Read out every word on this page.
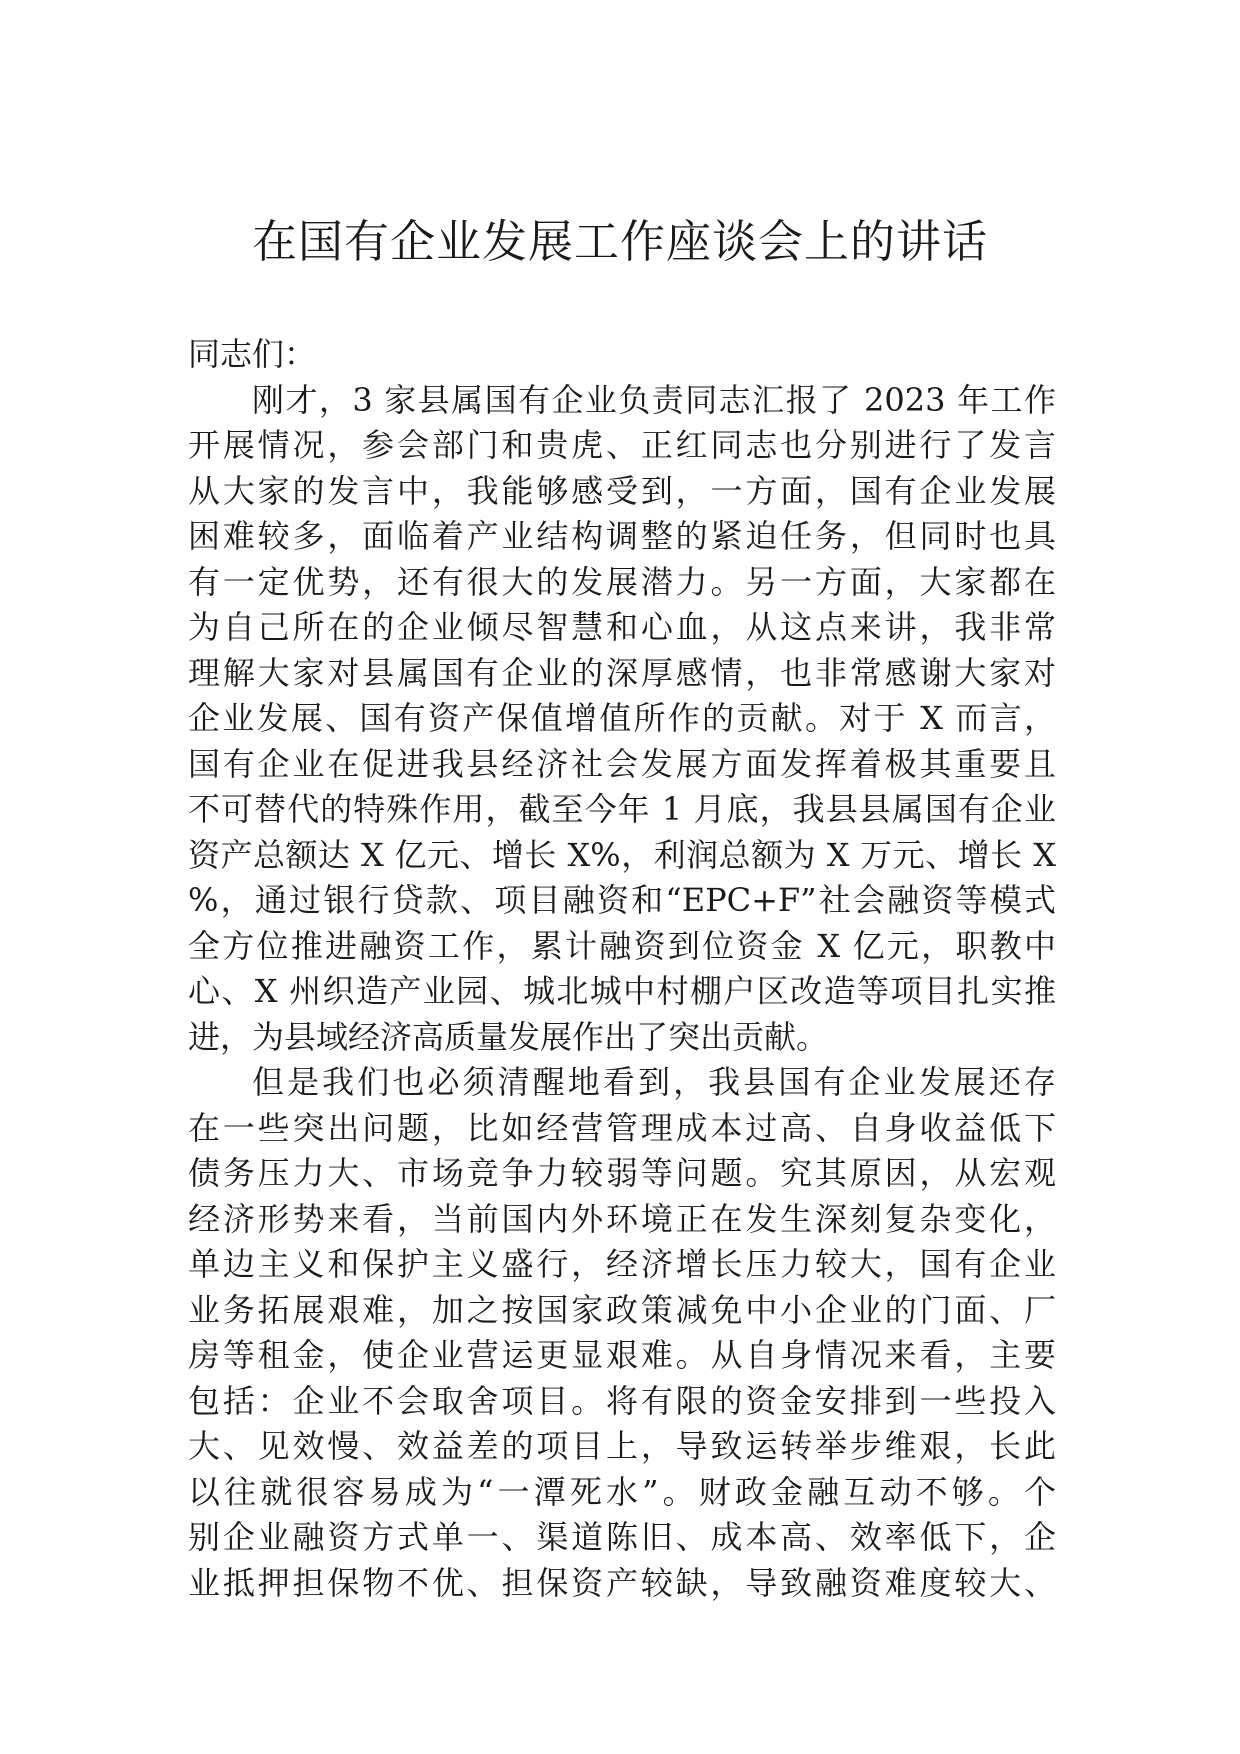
在国有企业发展工作座谈会上的讲话

同志们：

刚才，3 家县属国有企业负责同志汇报了 2023 年工作
开展情况，参会部门和贵虎、正红同志也分别进行了发言
从大家的发言中，我能够感受到，一方面，国有企业发展
困难较多，面临着产业结构调整的紧迫任务，但同时也具
有一定优势，还有很大的发展潜力。另一方面，大家都在
为自己所在的企业倾尽智慧和心血，从这点来讲，我非常
理解大家对县属国有企业的深厚感情，也非常感谢大家对
企业发展、国有资产保值增值所作的贡献。对于 X 而言，
国有企业在促进我县经济社会发展方面发挥着极其重要且
不可替代的特殊作用，截至今年 1 月底，我县县属国有企业
资产总额达 X 亿元、增长 X%，利润总额为 X 万元、增长 X
%，通过银行贷款、项目融资和“EPC+F”社会融资等模式
全方位推进融资工作，累计融资到位资金 X 亿元，职教中
心、X 州织造产业园、城北城中村棚户区改造等项目扎实推
进，为县域经济高质量发展作出了突出贡献。

但是我们也必须清醒地看到，我县国有企业发展还存
在一些突出问题，比如经营管理成本过高、自身收益低下
债务压力大、市场竞争力较弱等问题。究其原因，从宏观
经济形势来看，当前国内外环境正在发生深刻复杂变化，
单边主义和保护主义盛行，经济增长压力较大，国有企业
业务拓展艰难，加之按国家政策减免中小企业的门面、厂
房等租金，使企业营运更显艰难。从自身情况来看，主要
包括：企业不会取舍项目。将有限的资金安排到一些投入
大、见效慢、效益差的项目上，导致运转举步维艰，长此
以往就很容易成为“一潭死水”。财政金融互动不够。个
别企业融资方式单一、渠道陈旧、成本高、效率低下，企
业抵押担保物不优、担保资产较缺，导致融资难度较大、
